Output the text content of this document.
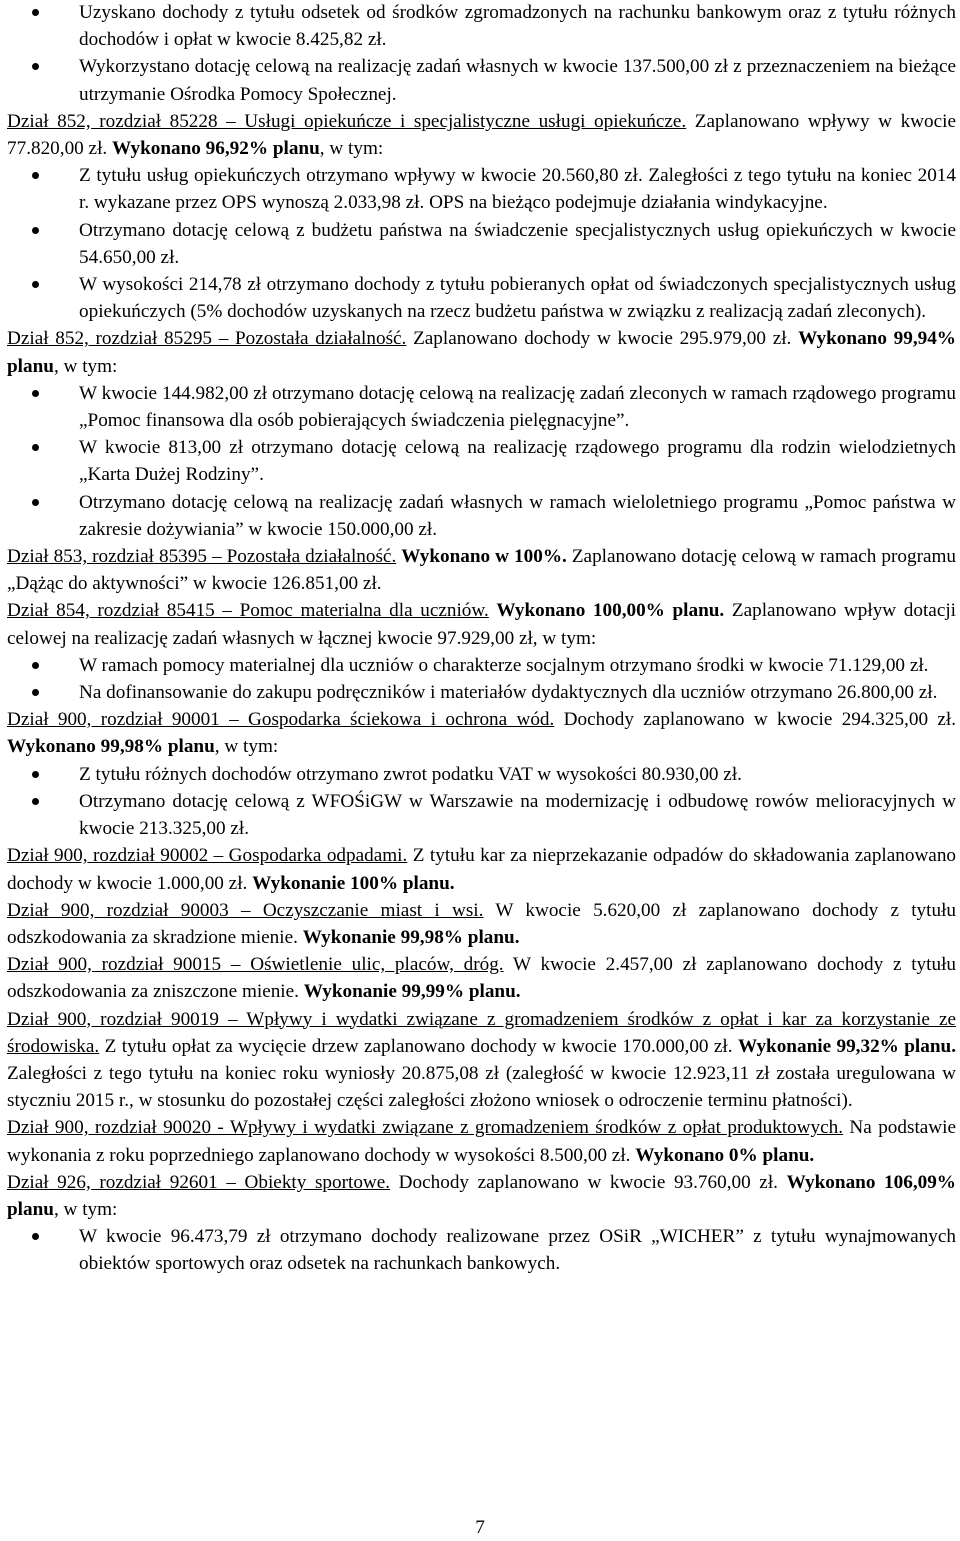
Uzyskano dochody z tytułu odsetek od środków zgromadzonych na rachunku bankowym oraz z tytułu różnych dochodów i opłat w kwocie 8.425,82 zł.
Wykorzystano dotację celową na realizację zadań własnych w kwocie 137.500,00 zł z przeznaczeniem na bieżące utrzymanie Ośrodka Pomocy Społecznej.

Dział 852, rozdział 85228 – Usługi opiekuńcze i specjalistyczne usługi opiekuńcze. Zaplanowano wpływy w kwocie 77.820,00 zł. Wykonano 96,92% planu, w tym:

Z tytułu usług opiekuńczych otrzymano wpływy w kwocie 20.560,80 zł. Zaległości z tego tytułu na koniec 2014 r. wykazane przez OPS wynoszą 2.033,98 zł. OPS na bieżąco podejmuje działania windykacyjne.
Otrzymano dotację celową z budżetu państwa na świadczenie specjalistycznych usług opiekuńczych w kwocie 54.650,00 zł.
W wysokości 214,78 zł otrzymano dochody z tytułu pobieranych opłat od świadczonych specjalistycznych usług opiekuńczych (5% dochodów uzyskanych na rzecz budżetu państwa w związku z realizacją zadań zleconych).

Dział 852, rozdział 85295 – Pozostała działalność. Zaplanowano dochody w kwocie 295.979,00 zł. Wykonano 99,94% planu, w tym:

W kwocie 144.982,00 zł otrzymano dotację celową na realizację zadań zleconych w ramach rządowego programu „Pomoc finansowa dla osób pobierających świadczenia pielęgnacyjne”.
W kwocie 813,00 zł otrzymano dotację celową na realizację rządowego programu dla rodzin wielodzietnych „Karta Dużej Rodziny”.
Otrzymano dotację celową na realizację zadań własnych w ramach wieloletniego programu „Pomoc państwa w zakresie dożywiania” w kwocie 150.000,00 zł.

Dział 853, rozdział 85395 – Pozostała działalność. Wykonano w 100%. Zaplanowano dotację celową w ramach programu „Dążąc do aktywności” w kwocie 126.851,00 zł.

Dział 854, rozdział 85415 – Pomoc materialna dla uczniów. Wykonano 100,00% planu. Zaplanowano wpływ dotacji celowej na realizację zadań własnych w łącznej kwocie 97.929,00 zł, w tym:

W ramach pomocy materialnej dla uczniów o charakterze socjalnym otrzymano środki w kwocie 71.129,00 zł.
Na dofinansowanie do zakupu podręczników i materiałów dydaktycznych dla uczniów otrzymano 26.800,00 zł.

Dział 900, rozdział 90001 – Gospodarka ściekowa i ochrona wód. Dochody zaplanowano w kwocie 294.325,00 zł. Wykonano 99,98% planu, w tym:

Z tytułu różnych dochodów otrzymano zwrot podatku VAT w wysokości 80.930,00 zł.
Otrzymano dotację celową z WFOŚiGW w Warszawie na modernizację i odbudowę rowów melioracyjnych w kwocie 213.325,00 zł.

Dział 900, rozdział 90002 – Gospodarka odpadami. Z tytułu kar za nieprzekazanie odpadów do składowania zaplanowano dochody w kwocie 1.000,00 zł. Wykonanie 100% planu.

Dział 900, rozdział 90003 – Oczyszczanie miast i wsi. W kwocie 5.620,00 zł zaplanowano dochody z tytułu odszkodowania za skradzione mienie. Wykonanie 99,98% planu.

Dział 900, rozdział 90015 – Oświetlenie ulic, placów, dróg. W kwocie 2.457,00 zł zaplanowano dochody z tytułu odszkodowania za zniszczone mienie. Wykonanie 99,99% planu.

Dział 900, rozdział 90019 – Wpływy i wydatki związane z gromadzeniem środków z opłat i kar za korzystanie ze środowiska. Z tytułu opłat za wycięcie drzew zaplanowano dochody w kwocie 170.000,00 zł. Wykonanie 99,32% planu. Zaległości z tego tytułu na koniec roku wyniosły 20.875,08 zł (zaległość w kwocie 12.923,11 zł została uregulowana w styczniu 2015 r., w stosunku do pozostałej części zaległości złożono wniosek o odroczenie terminu płatności).

Dział 900, rozdział 90020 - Wpływy i wydatki związane z gromadzeniem środków z opłat produktowych. Na podstawie wykonania z roku poprzedniego zaplanowano dochody w wysokości 8.500,00 zł. Wykonano 0% planu.

Dział 926, rozdział 92601 – Obiekty sportowe. Dochody zaplanowano w kwocie 93.760,00 zł. Wykonano 106,09% planu, w tym:

W kwocie 96.473,79 zł otrzymano dochody realizowane przez OSiR „WICHER” z tytułu wynajmowanych obiektów sportowych oraz odsetek na rachunkach bankowych.
7
